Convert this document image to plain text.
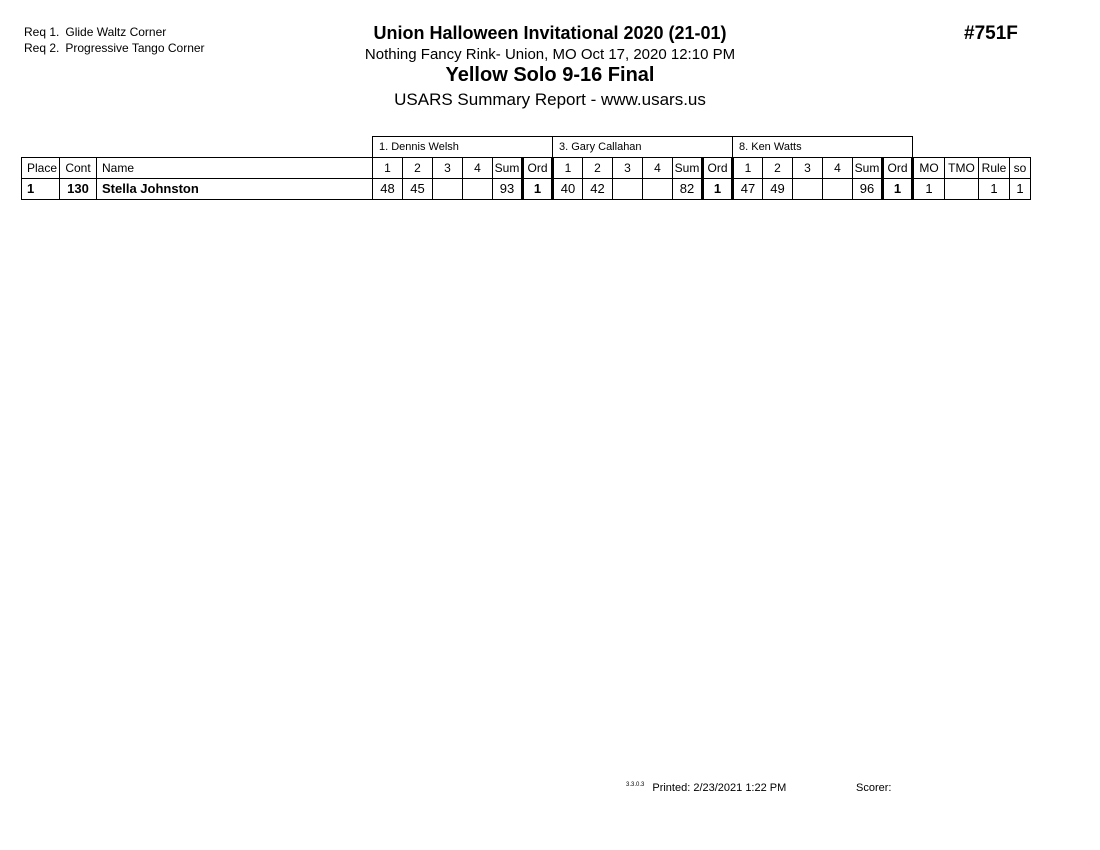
Req 1. Glide Waltz Corner
Req 2. Progressive Tango Corner
Union Halloween Invitational 2020 (21-01)
Nothing Fancy Rink- Union, MO Oct 17, 2020 12:10 PM
Yellow Solo 9-16 Final
USARS Summary Report - www.usars.us
#751F
			1. Dennis Welsh						3. Gary Callahan						8. Ken Watts									
Place	Cont	Name	1	2	3	4	Sum	Ord	1	2	3	4	Sum	Ord	1	2	3	4	Sum	Ord	MO	TMO	Rule	so
1	130	Stella Johnston	48	45			93	1	40	42			82	1	47	49			96	1	1		1	1
$^{3.3.0.3}$ Printed: 2/23/2021 1:22 PM	Scorer:
